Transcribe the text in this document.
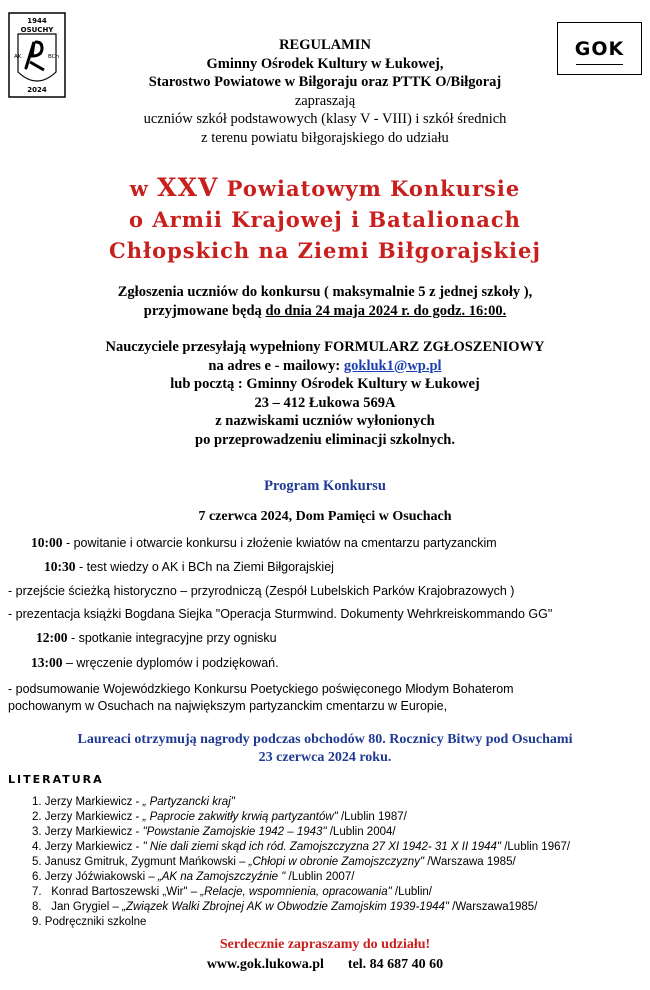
1944
OSUCHY
AK	BCh
2024
GOK
REGULAMIN
Gminny Ośrodek Kultury w Łukowej,
Starostwo Powiatowe w Biłgoraju oraz PTTK O/Biłgoraj
zapraszają
uczniów szkół podstawowych (klasy V - VIII) i szkół średnich
z terenu powiatu biłgorajskiego do udziału
w XXV Powiatowym Konkursie
o Armii Krajowej i Batalionach
Chłopskich na Ziemi Biłgorajskiej
Zgłoszenia uczniów do konkursu ( maksymalnie 5 z jednej szkoły ),
przyjmowane będą do dnia 24 maja 2024 r. do godz. 16:00.
Nauczyciele przesyłają wypełniony FORMULARZ ZGŁOSZENIOWY
na adres e - mailowy: gokluk1@wp.pl
lub pocztą : Gminny Ośrodek Kultury w Łukowej
23 – 412 Łukowa 569A
z nazwiskami uczniów wyłonionych
po przeprowadzeniu eliminacji szkolnych.
Program Konkursu
7 czerwca 2024, Dom Pamięci w Osuchach
10:00 - powitanie i otwarcie konkursu i złożenie kwiatów na cmentarzu partyzanckim
10:30 - test wiedzy o AK i BCh na Ziemi Biłgorajskiej
- przejście ścieżką historyczno – przyrodniczą (Zespół Lubelskich Parków Krajobrazowych )
- prezentacja książki Bogdana Siejka "Operacja Sturmwind. Dokumenty Wehrkreiskommando GG"
12:00 - spotkanie integracyjne przy ognisku
13:00 – wręczenie dyplomów i podziękowań.
- podsumowanie Wojewódzkiego Konkursu Poetyckiego poświęconego Młodym Bohaterom
pochowanym w Osuchach na największym partyzanckim cmentarzu w Europie,
Laureaci otrzymują nagrody podczas obchodów 80. Rocznicy Bitwy pod Osuchami
23 czerwca 2024 roku.
LITERATURA
1. Jerzy Markiewicz - „ Partyzancki kraj"
2. Jerzy Markiewicz - „ Paprocie zakwitły krwią partyzantów" /Lublin 1987/
3. Jerzy Markiewicz - "Powstanie Zamojskie 1942 – 1943" /Lublin 2004/
4. Jerzy Markiewicz - " Nie dali ziemi skąd ich ród. Zamojszczyzna 27 XI 1942- 31 X II 1944" /Lublin 1967/
5. Janusz Gmitruk, Zygmunt Mańkowski – „Chłopi w obronie Zamojszczyzny" /Warszawa 1985/
6. Jerzy Jóźwiakowski – „AK na Zamojszczyźnie " /Lublin 2007/
7. Konrad Bartoszewski „Wir" – „Relacje, wspomnienia, opracowania" /Lublin/
8. Jan Grygiel – „Związek Walki Zbrojnej AK w Obwodzie Zamojskim 1939-1944" /Warszawa1985/
9. Podręczniki szkolne
Serdecznie zapraszamy do udziału!
www.gok.lukowa.pl tel. 84 687 40 60
